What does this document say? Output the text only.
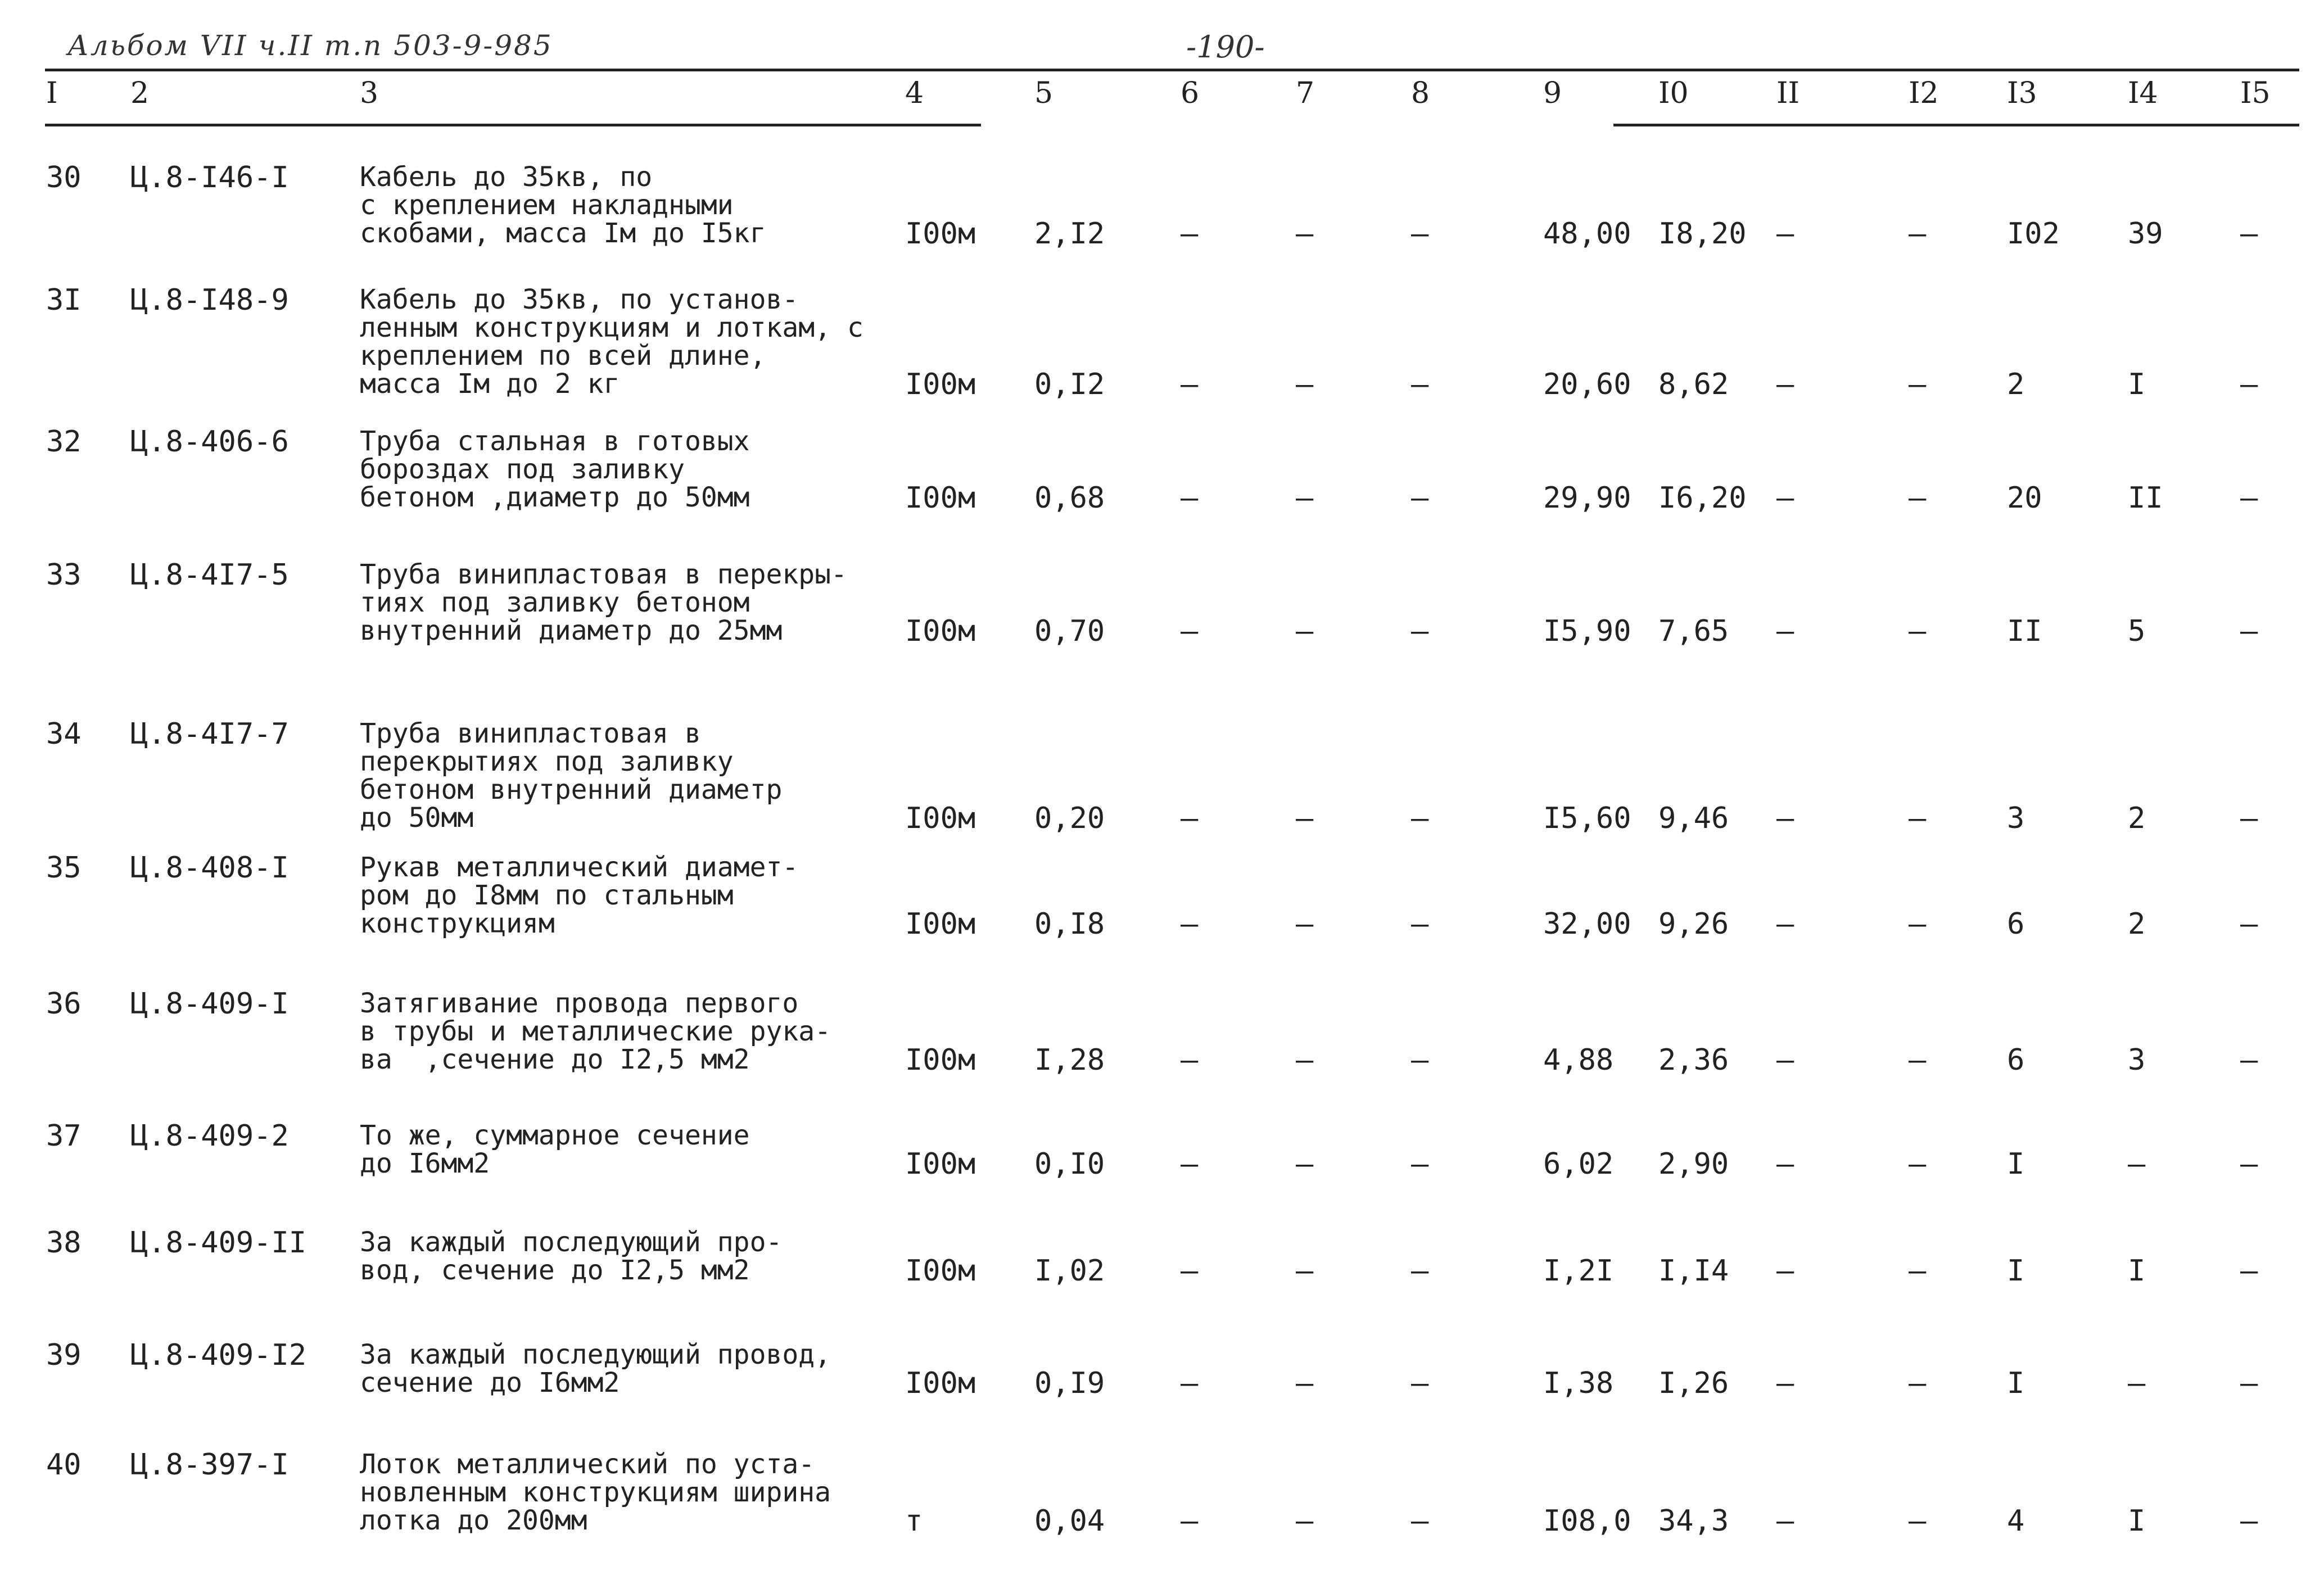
Альбом VII ч.II т.п 503-9-985	-190-
I 2	3	4	5	6	7	8	9	I0	II	I2 I3	I4	I5
30 Ц.8-I46-I	Кабель до 35кв, по
с креплением накладными
скобами, масса Iм до I5кг	I00м 2,I2	–	–	–	48,00 I8,20 –	–	I02 39	–
3I Ц.8-I48-9	Кабель до 35кв, по установ-
ленным конструкциям и лоткам, с
креплением по всей длине,
масса Iм до 2 кг	I00м 0,I2	–	–	–	20,60 8,62 –	–	2	I	–
32 Ц.8-406-6	Труба стальная в готовых
бороздах под заливку
бетоном ,диаметр до 50мм	I00м 0,68	–	–	–	29,90 I6,20 –	–	20	II	–
33 Ц.8-4I7-5	Труба винипластовая в перекры-
тиях под заливку бетоном
внутренний диаметр до 25мм	I00м 0,70	–	–	–	I5,90 7,65 –	–	II	5	–
34 Ц.8-4I7-7	Труба винипластовая в
перекрытиях под заливку
бетоном внутренний диаметр
до 50мм	I00м 0,20	–	–	–	I5,60 9,46 –	–	3	2	–
35 Ц.8-408-I	Рукав металлический диамет-
ром до I8мм по стальным
конструкциям	I00м 0,I8	–	–	–	32,00 9,26 –	–	6	2	–
36 Ц.8-409-I	Затягивание провода первого
в трубы и металлические рука-
ва  ,сечение до I2,5 мм2	I00м I,28	–	–	–	4,88 2,36 –	–	6	3	–
37 Ц.8-409-2	То же, суммарное сечение
до I6мм2	I00м 0,I0	–	–	–	6,02 2,90 –	–	I	–	–
38 Ц.8-409-II За каждый последующий про-
вод, сечение до I2,5 мм2	I00м I,02	–	–	–	I,2I I,I4 –	–	I	I	–
39 Ц.8-409-I2 За каждый последующий провод,
сечение до I6мм2	I00м 0,I9	–	–	–	I,38 I,26 –	–	I	–	–
40 Ц.8-397-I	Лоток металлический по уста-
новленным конструкциям ширина
лотка до 200мм	т	0,04	–	–	–	I08,0 34,3 –	–	4	I	–
